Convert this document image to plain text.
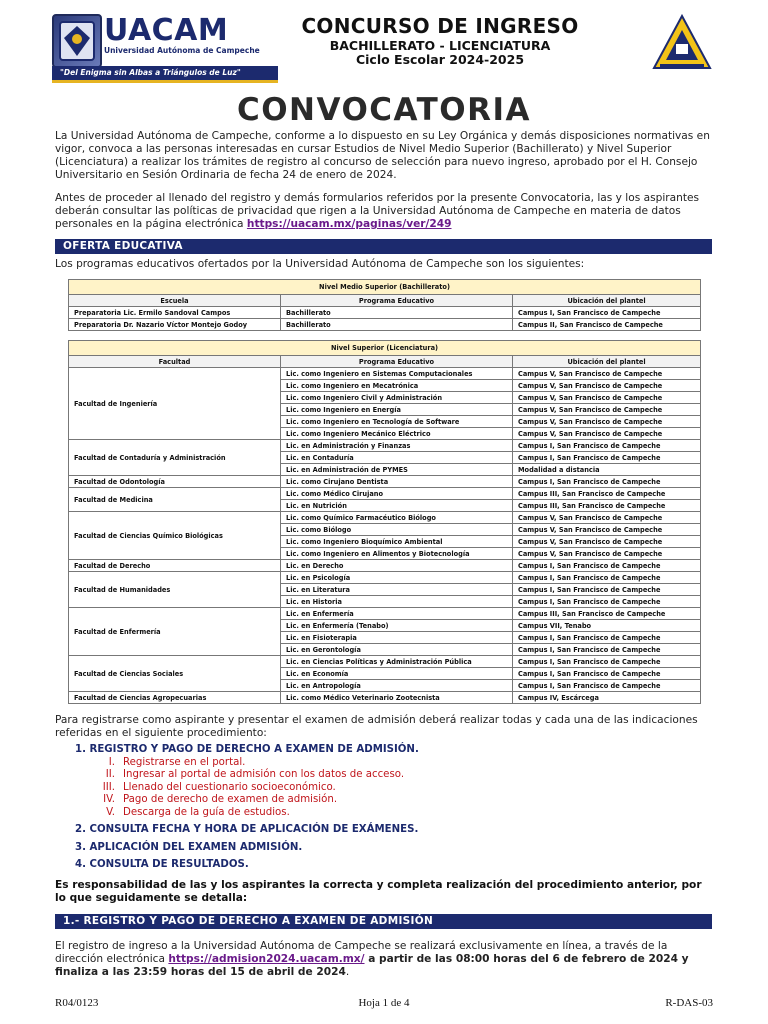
UACAM
Universidad Autónoma de Campeche
"Del Enigma sin Albas a Triángulos de Luz"
CONCURSO DE INGRESO
BACHILLERATO - LICENCIATURA
Ciclo Escolar 2024-2025
CONVOCATORIA
La Universidad Autónoma de Campeche, conforme a lo dispuesto en su Ley Orgánica y demás disposiciones normativas en vigor, convoca a las personas interesadas en cursar Estudios de Nivel Medio Superior (Bachillerato) y Nivel Superior (Licenciatura) a realizar los trámites de registro al concurso de selección para nuevo ingreso, aprobado por el H. Consejo Universitario en Sesión Ordinaria de fecha 24 de enero de 2024.
Antes de proceder al llenado del registro y demás formularios referidos por la presente Convocatoria, las y los aspirantes deberán consultar las políticas de privacidad que rigen a la Universidad Autónoma de Campeche en materia de datos personales en la página electrónica https://uacam.mx/paginas/ver/249
OFERTA EDUCATIVA
Los programas educativos ofertados por la Universidad Autónoma de Campeche son los siguientes:
Nivel Medio Superior (Bachillerato)		
Escuela	Programa Educativo	Ubicación del plantel
Preparatoria Lic. Ermilo Sandoval Campos	Bachillerato	Campus I, San Francisco de Campeche
Preparatoria Dr. Nazario Víctor Montejo Godoy	Bachillerato	Campus II, San Francisco de Campeche
Nivel Superior (Licenciatura)		
Facultad	Programa Educativo	Ubicación del plantel
Facultad de Ingeniería	Lic. como Ingeniero en Sistemas Computacionales	Campus V, San Francisco de Campeche
	Lic. como Ingeniero en Mecatrónica	Campus V, San Francisco de Campeche
	Lic. como Ingeniero Civil y Administración	Campus V, San Francisco de Campeche
	Lic. como Ingeniero en Energía	Campus V, San Francisco de Campeche
	Lic. como Ingeniero en Tecnología de Software	Campus V, San Francisco de Campeche
	Lic. como Ingeniero Mecánico Eléctrico	Campus V, San Francisco de Campeche
Facultad de Contaduría y Administración	Lic. en Administración y Finanzas	Campus I, San Francisco de Campeche
	Lic. en Contaduría	Campus I, San Francisco de Campeche
	Lic. en Administración de PYMES	Modalidad a distancia
Facultad de Odontología	Lic. como Cirujano Dentista	Campus I, San Francisco de Campeche
Facultad de Medicina	Lic. como Médico Cirujano	Campus III, San Francisco de Campeche
	Lic. en Nutrición	Campus III, San Francisco de Campeche
Facultad de Ciencias Químico Biológicas	Lic. como Químico Farmacéutico Biólogo	Campus V, San Francisco de Campeche
	Lic. como Biólogo	Campus V, San Francisco de Campeche
	Lic. como Ingeniero Bioquímico Ambiental	Campus V, San Francisco de Campeche
	Lic. como Ingeniero en Alimentos y Biotecnología	Campus V, San Francisco de Campeche
Facultad de Derecho	Lic. en Derecho	Campus I, San Francisco de Campeche
Facultad de Humanidades	Lic. en Psicología	Campus I, San Francisco de Campeche
	Lic. en Literatura	Campus I, San Francisco de Campeche
	Lic. en Historia	Campus I, San Francisco de Campeche
Facultad de Enfermería	Lic. en Enfermería	Campus III, San Francisco de Campeche
	Lic. en Enfermería (Tenabo)	Campus VII, Tenabo
	Lic. en Fisioterapia	Campus I, San Francisco de Campeche
	Lic. en Gerontología	Campus I, San Francisco de Campeche
Facultad de Ciencias Sociales	Lic. en Ciencias Políticas y Administración Pública	Campus I, San Francisco de Campeche
	Lic. en Economía	Campus I, San Francisco de Campeche
	Lic. en Antropología	Campus I, San Francisco de Campeche
Facultad de Ciencias Agropecuarias	Lic. como Médico Veterinario Zootecnista	Campus IV, Escárcega
Para registrarse como aspirante y presentar el examen de admisión deberá realizar todas y cada una de las indicaciones referidas en el siguiente procedimiento:
1. REGISTRO Y PAGO DE DERECHO A EXAMEN DE ADMISIÓN.
I. Registrarse en el portal.
II. Ingresar al portal de admisión con los datos de acceso.
III. Llenado del cuestionario socioeconómico.
IV. Pago de derecho de examen de admisión.
V. Descarga de la guía de estudios.
2. CONSULTA FECHA Y HORA DE APLICACIÓN DE EXÁMENES.
3. APLICACIÓN DEL EXAMEN ADMISIÓN.
4. CONSULTA DE RESULTADOS.
Es responsabilidad de las y los aspirantes la correcta y completa realización del procedimiento anterior, por lo que seguidamente se detalla:
1.- REGISTRO Y PAGO DE DERECHO A EXAMEN DE ADMISIÓN
El registro de ingreso a la Universidad Autónoma de Campeche se realizará exclusivamente en línea, a través de la dirección electrónica https://admision2024.uacam.mx/ a partir de las 08:00 horas del 6 de febrero de 2024 y finaliza a las 23:59 horas del 15 de abril de 2024.
R04/0123	Hoja 1 de 4	R-DAS-03
